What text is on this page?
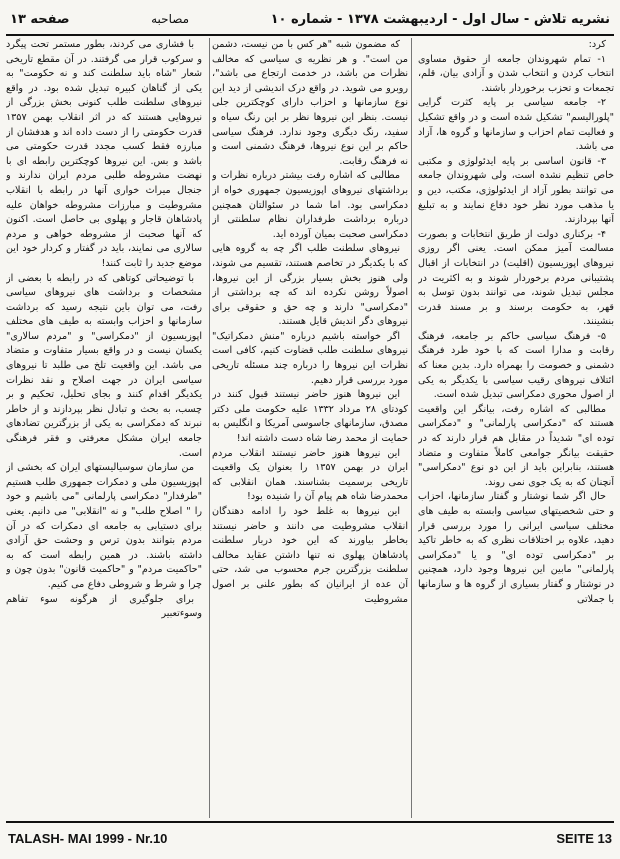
نشریه تلاش - سال اول - اردیبهشت ۱۳۷۸ - شماره ۱۰
مصاحبه
صفحه ۱۳

کرد:

۱- تمام شهروندان جامعه از حقوق مساوی انتخاب کردن و انتخاب شدن و آزادی بیان، قلم، تجمعات و تحزب برخوردار باشند.

۲- جامعه سیاسی بر پایه کثرت گرایی "پلورالیسم" تشکیل شده است و در واقع تشکیل و فعالیت تمام احزاب و سازمانها و گروه ها، آزاد می باشد.

۳- قانون اساسی بر پایه ایدئولوژی و مکتبی خاص تنظیم نشده است، ولی شهروندان جامعه می توانند بطور آزاد از ایدئولوژی، مکتب، دین و یا مذهب مورد نظر خود دفاع نمایند و به تبلیغ آنها بپردازند.

۴- برکناری دولت از طریق انتخابات و بصورت مسالمت آمیز ممکن است. یعنی اگر روزی نیروهای اپوزیسیون (اقلیت) در انتخابات از اقبال پشتیبانی مردم برخوردار شوند و به اکثریت در مجلس تبدیل شوند، می توانند بدون توسل به قهر، به حکومت برسند و بر مسند قدرت بنشینند.

۵- فرهنگ سیاسی حاکم بر جامعه، فرهنگ رقابت و مدارا است که با خود طرد فرهنگ دشمنی و خصومت را بهمراه دارد. بدین معنا که ائتلاف نیروهای رقیب سیاسی با یکدیگر به یکی از اصول محوری دمکراسی تبدیل شده است.

مطالبی که اشاره رفت، بیانگر این واقعیت هستند که "دمکراسی پارلمانی" و "دمکراسی توده ای" شدیداً در مقابل هم قرار دارند که در حقیقت بیانگر جوامعی کاملاً متفاوت و متضاد هستند، بنابراین باید از این دو نوع "دمکراسی" آنچنان که به یک جوی نمی روند.

حال اگر شما نوشتار و گفتار سازمانها، احزاب و حتی شخصیتهای سیاسی وابسته به طیف های مختلف سیاسی ایرانی را مورد بررسی قرار دهید، علاوه بر اختلافات نظری که به خاطر تاکید بر "دمکراسی توده ای" و یا "دمکراسی پارلمانی" مابین این نیروها وجود دارد، همچنین در نوشتار و گفتار بسیاری از گروه ها و سازمانها با جملاتی

که مضمون شبه "هر کس با من نیست، دشمن من است". و هر نظریه ی سیاسی که مخالف نظرات من باشد، در خدمت ارتجاع می باشد"، روبرو می شوید. در واقع درک اندیشی از دید این نوع سازمانها و احزاب دارای کوچکترین جلی نیست. بنظر این نیروها نظر بر این رنگ سیاه و سفید، رنگ دیگری وجود ندارد. فرهنگ سیاسی حاکم بر این نوع نیروها، فرهنگ دشمنی است و نه فرهنگ رقابت.

مطالبی که اشاره رفت بیشتر درباره نظرات و برداشتهای نیروهای اپوزیسیون جمهوری خواه از دمکراسی بود. اما شما در سئوالتان همچنین درباره برداشت طرفداران نظام سلطنتی از دمکراسی صحبت بمیان آورده اید.

نیروهای سلطنت طلب اگر چه به گروه هایی که با یکدیگر در تخاصم هستند، تقسیم می شوند، ولی هنوز بخش بسیار بزرگی از این نیروها، اصولاً روشن نکرده اند که چه برداشتی از "دمکراسی" دارند و چه حق و حقوقی برای نیروهای دگر اندیش قایل هستند.

اگر خواسته باشیم درباره "منش دمکراتیک" نیروهای سلطنت طلب قضاوت کنیم، کافی است نظرات این نیروها را درباره چند مسئله تاریخی مورد بررسی قرار دهیم.

این نیروها هنوز حاضر نیستند قبول کنند در کودتای ۲۸ مرداد ۱۳۳۲ علیه حکومت ملی دکتر مصدق، سازمانهای جاسوسی آمریکا و انگلیس به حمایت از محمد رضا شاه دست داشته اند!

این نیروها هنوز حاضر نیستند انقلاب مردم ایران در بهمن ۱۳۵۷ را بعنوان یک واقعیت تاریخی برسمیت بشناسند. همان انقلابی که محمدرضا شاه هم پیام آن را شنیده بود!

این نیروها به غلط خود را ادامه دهندگان انقلاب مشروطیت می دانند و حاضر نیستند بخاطر بیاورند که این خود دربار سلطنت پادشاهان پهلوی نه تنها داشتن عقاید مخالف سلطنت بزرگترین جرم محسوب می شد، حتی آن عده از ایرانیان که بطور علنی بر اصول مشروطیت

با فشاری می کردند، بطور مستمر تحت پیگرد و سرکوب قرار می گرفتند. در آن مقطع تاریخی شعار "شاه باید سلطنت کند و نه حکومت" به یکی از گناهان کبیره تبدیل شده بود. در واقع نیروهای سلطنت طلب کنونی بخش بزرگی از نیروهایی هستند که در اثر انقلاب بهمن ۱۳۵۷ قدرت حکومتی را از دست داده اند و هدفشان از مبارزه فقط کسب مجدد قدرت حکومتی می باشد و بس. این نیروها کوچکترین رابطه ای با نهضت مشروطه طلبی مردم ایران ندارند و جنجال میراث خواری آنها در رابطه با انقلاب مشروطیت و مبارزات مشروطه خواهان علیه پادشاهان قاجار و پهلوی بی حاصل است. اکنون که آنها صحبت از مشروطه خواهی و مردم سالاری می نمایند، باید در گفتار و کردار خود این موضع جدید را ثابت کنند!

با توضیحاتی کوتاهی که در رابطه با بعضی از مشخصات و برداشت های نیروهای سیاسی رفت، می توان باین نتیجه رسید که برداشت سازمانها و احزاب وابسته به طیف های مختلف اپوزیسیون از "دمکراسی" و "مردم سالاری" یکسان نیست و در واقع بسیار متفاوت و متضاد می باشد. این واقعیت تلخ می طلبد تا نیروهای سیاسی ایران در جهت اصلاح و نقد نظرات یکدیگر اقدام کنند و بجای تحلیل، تحکیم و بر چسب، به بحث و تبادل نظر بپردازند و از خاطر نبرند که دمکراسی به یکی از بزرگترین تضادهای جامعه ایران مشکل معرفتی و فقر فرهنگی است.

من سازمان سوسیالیستهای ایران که بخشی از اپوزیسیون ملی و دمکرات جمهوری طلب هستیم "طرفدار" دمکراسی پارلمانی "می باشیم و خود را " اصلاح طلب" و نه "انقلابی" می دانیم. یعنی برای دستیابی به جامعه ای دمکرات که در آن مردم بتوانند بدون ترس و وحشت حق آزادی داشته باشند. در همین رابطه است که به "حاکمیت مردم" و "حاکمیت قانون" بدون چون و چرا و شرط و شروطی دفاع می کنیم.

برای جلوگیری از هرگونه سوء تفاهم وسوءتعبیر

TALASH- MAI 1999 - Nr.10	SEITE 13
